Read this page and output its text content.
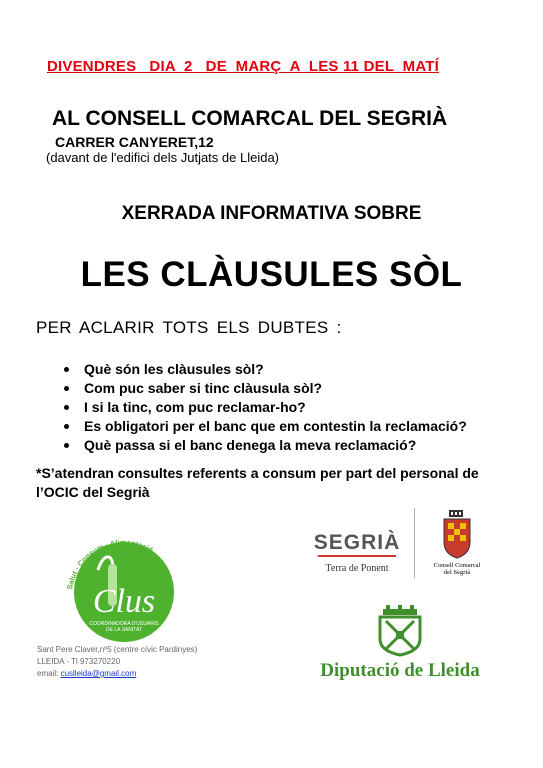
DIVENDRES   DIA  2   DE  MARÇ  A  LES 11 DEL  MATÍ
AL CONSELL COMARCAL DEL SEGRIÀ
CARRER CANYERET,12
(davant de l'edifici dels Jutjats de Lleida)
XERRADA INFORMATIVA SOBRE
LES CLÀUSULES SÒL
PER ACLARIR TOTS ELS DUBTES :
Què són les clàusules sòl?
Com puc saber si tinc clàusula sòl?
I si la tinc, com puc reclamar-ho?
Es obligatori per el banc que em contestin la reclamació?
Què passa si el banc denega la meva reclamació?
*S’atendran consultes referents a consum per part del personal de l’OCIC del Segrià
Salut · Consum · Alimentació
Clus
COORDINADORA D'USUARIS
DE LA SANITAT
Sant Pere Claver,nº5 (centre cívic Pardinyes)
LLEIDA - Tl 973270220
email: cuslleida@gmail.com
SEGRIÀ
Terra de Ponent	Consell Comarcal
del Segrià
Diputació de Lleida
